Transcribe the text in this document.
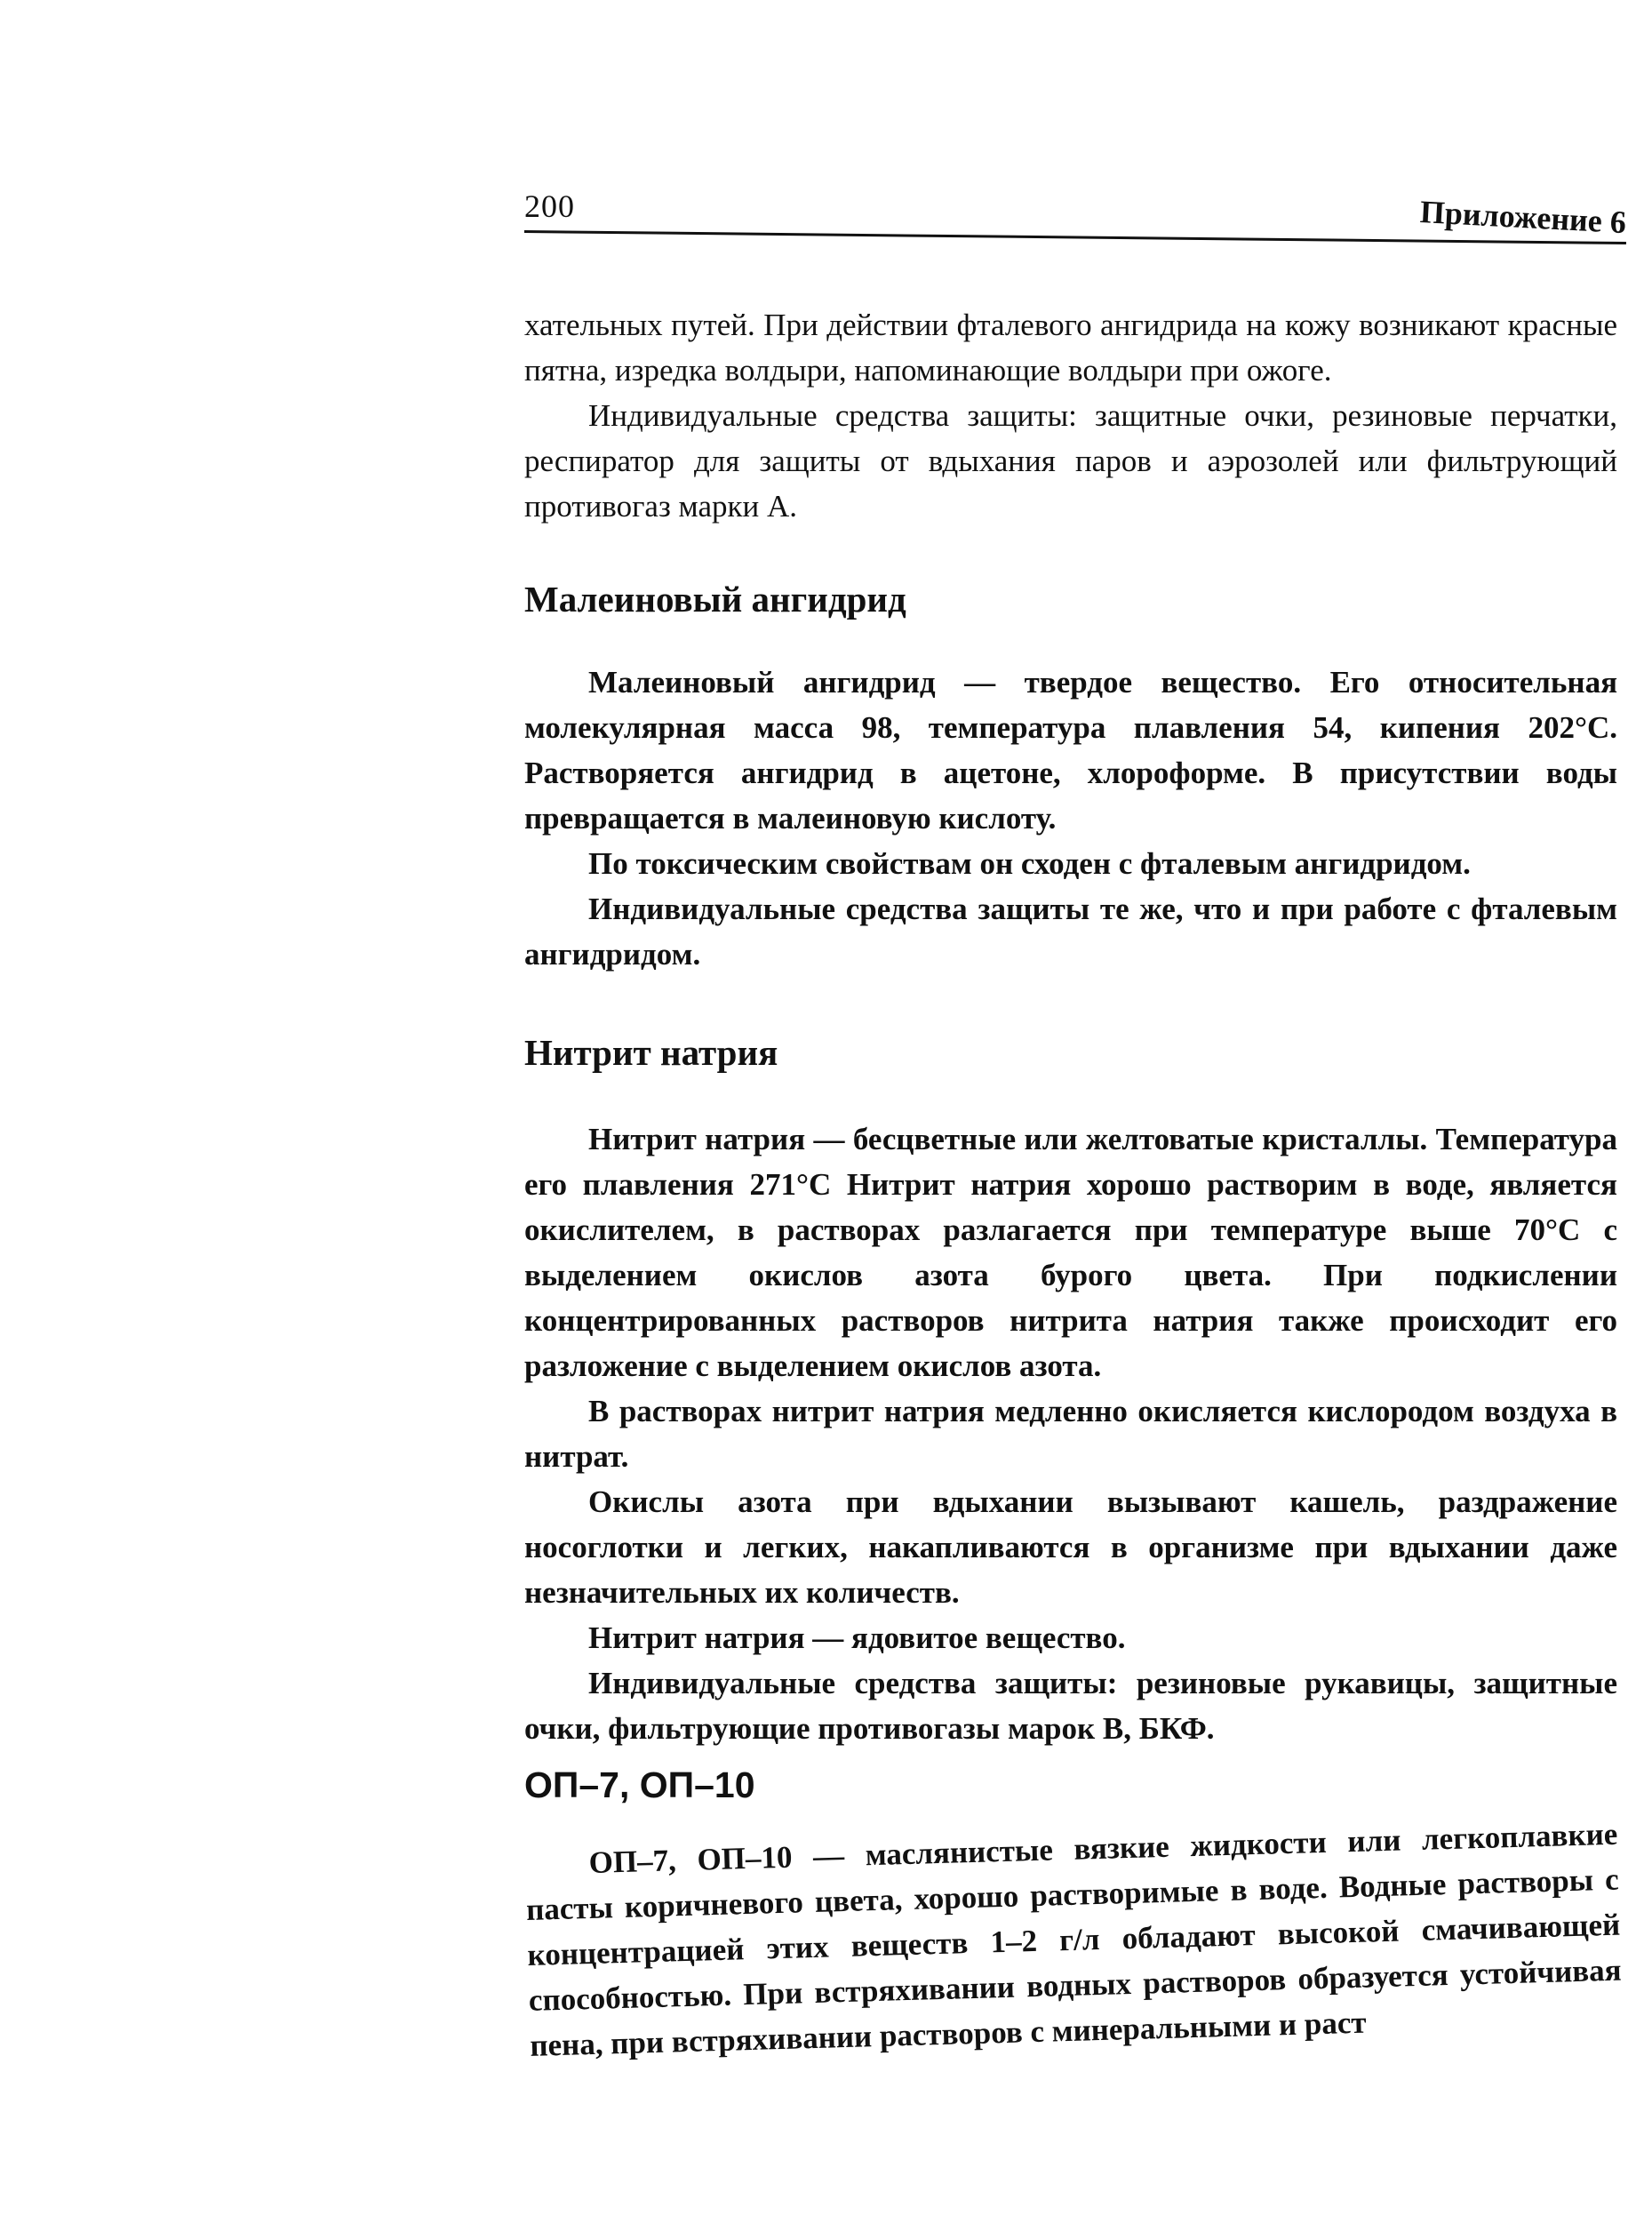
200	Приложение 6

хательных путей. При действии фталевого ангидрида на кожу возникают красные пятна, изредка волдыри, напоминающие волдыри при ожоге.

Индивидуальные средства защиты: защитные очки, резиновые перчатки, респиратор для защиты от вдыхания паров и аэрозолей или фильтрующий противогаз марки А.

Малеиновый ангидрид

Малеиновый ангидрид — твердое вещество. Его относительная молекулярная масса 98, температура плавления 54, кипения 202°С. Растворяется ангидрид в ацетоне, хлороформе. В присутствии воды превращается в малеиновую кислоту.

По токсическим свойствам он сходен с фталевым ангидридом.

Индивидуальные средства защиты те же, что и при работе с фталевым ангидридом.

Нитрит натрия

Нитрит натрия — бесцветные или желтоватые кристаллы. Температура его плавления 271°С Нитрит натрия хорошо растворим в воде, является окислителем, в растворах разлагается при температуре выше 70°С с выделением окислов азота бурого цвета. При подкислении концентрированных растворов нитрита натрия также происходит его разложение с выделением окислов азота.

В растворах нитрит натрия медленно окисляется кислородом воздуха в нитрат.

Окислы азота при вдыхании вызывают кашель, раздражение носоглотки и легких, накапливаются в организме при вдыхании даже незначительных их количеств.

Нитрит натрия — ядовитое вещество.

Индивидуальные средства защиты: резиновые рукавицы, защитные очки, фильтрующие противогазы марок В, БКФ.

ОП–7, ОП–10

ОП–7, ОП–10 — маслянистые вязкие жидкости или легкоплавкие пасты коричневого цвета, хорошо растворимые в воде. Водные растворы с концентрацией этих веществ 1–2 г/л обладают высокой смачивающей способностью. При встряхивании водных растворов образуется устойчивая пена, при встряхивании растворов с минеральными и раст
